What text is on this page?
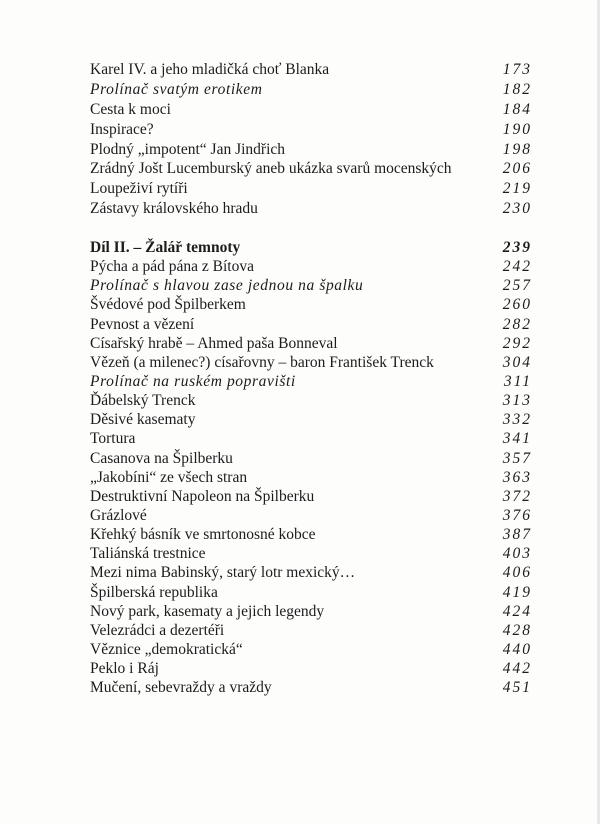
Karel IV. a jeho mladičká choť Blanka	173
Prolínač svatým erotikem	182
Cesta k moci	184
Inspirace?	190
Plodný „impotent“ Jan Jindřich	198
Zrádný Jošt Lucemburský aneb ukázka svarů mocenských	206
Loupeživí rytíři	219
Zástavy královského hradu	230
Díl II. – Žalář temnoty	239
Pýcha a pád pána z Bítova	242
Prolínač s hlavou zase jednou na špalku	257
Švédové pod Špilberkem	260
Pevnost a vězení	282
Císařský hrabě – Ahmed paša Bonneval	292
Vězeň (a milenec?) císařovny – baron František Trenck	304
Prolínač na ruském popravišti	311
Ďábelský Trenck	313
Děsivé kasematy	332
Tortura	341
Casanova na Špilberku	357
„Jakobíni“ ze všech stran	363
Destruktivní Napoleon na Špilberku	372
Grázlové	376
Křehký básník ve smrtonosné kobce	387
Taliánská trestnice	403
Mezi nima Babinský, starý lotr mexický…	406
Špilberská republika	419
Nový park, kasematy a jejich legendy	424
Velezrádci a dezertéři	428
Věznice „demokratická“	440
Peklo i Ráj	442
Mučení, sebevraždy a vraždy	451
